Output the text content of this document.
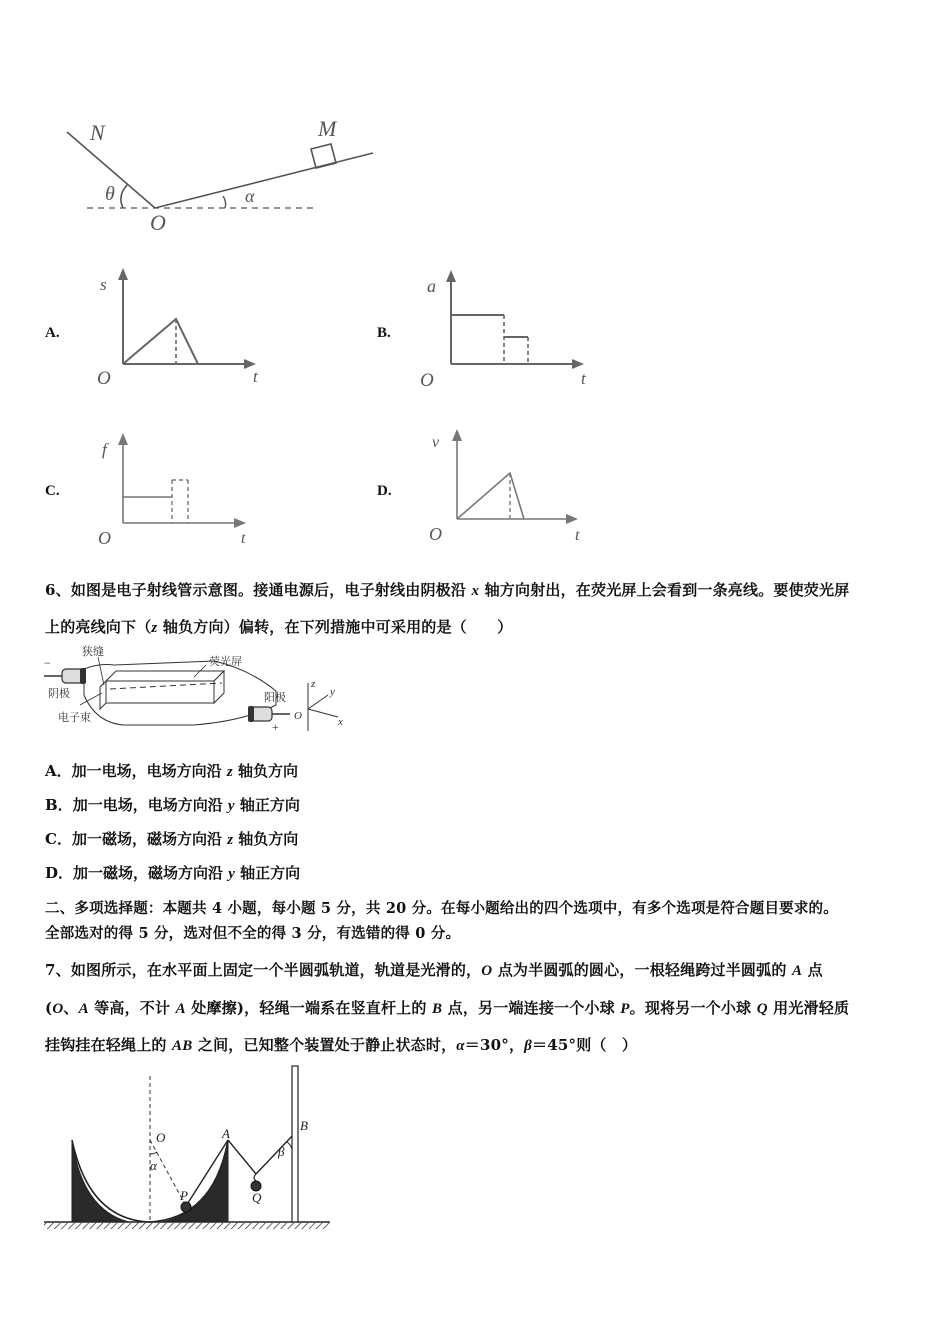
N	M
θ	α
O
A.
s
t
O
B.
a
t
O
C.
f
t
O
D.
v
t
O
6、如图是电子射线管示意图。接通电源后，电子射线由阴极沿 x 轴方向射出，在荧光屏上会看到一条亮线。要使荧光屏
上的亮线向下（z 轴负方向）偏转，在下列措施中可采用的是（　　）
狭缝
荧光屏
阴极	阳极
电子束
−
+
z
y
x
O
A．加一电场，电场方向沿 z 轴负方向
B．加一电场，电场方向沿 y 轴正方向
C．加一磁场，磁场方向沿 z 轴负方向
D．加一磁场，磁场方向沿 y 轴正方向
二、多项选择题：本题共 4 小题，每小题 5 分，共 20 分。在每小题给出的四个选项中，有多个选项是符合题目要求的。
全部选对的得 5 分，选对但不全的得 3 分，有选错的得 0 分。
7、如图所示，在水平面上固定一个半圆弧轨道，轨道是光滑的，O 点为半圆弧的圆心，一根轻绳跨过半圆弧的 A 点
(O、A 等高，不计 A 处摩擦)，轻绳一端系在竖直杆上的 B 点，另一端连接一个小球 P。现将另一个小球 Q 用光滑轻质
挂钩挂在轻绳上的 AB 之间，已知整个装置处于静止状态时，α＝30°，β＝45°则（　）
O	A
B
P	Q
α
β
